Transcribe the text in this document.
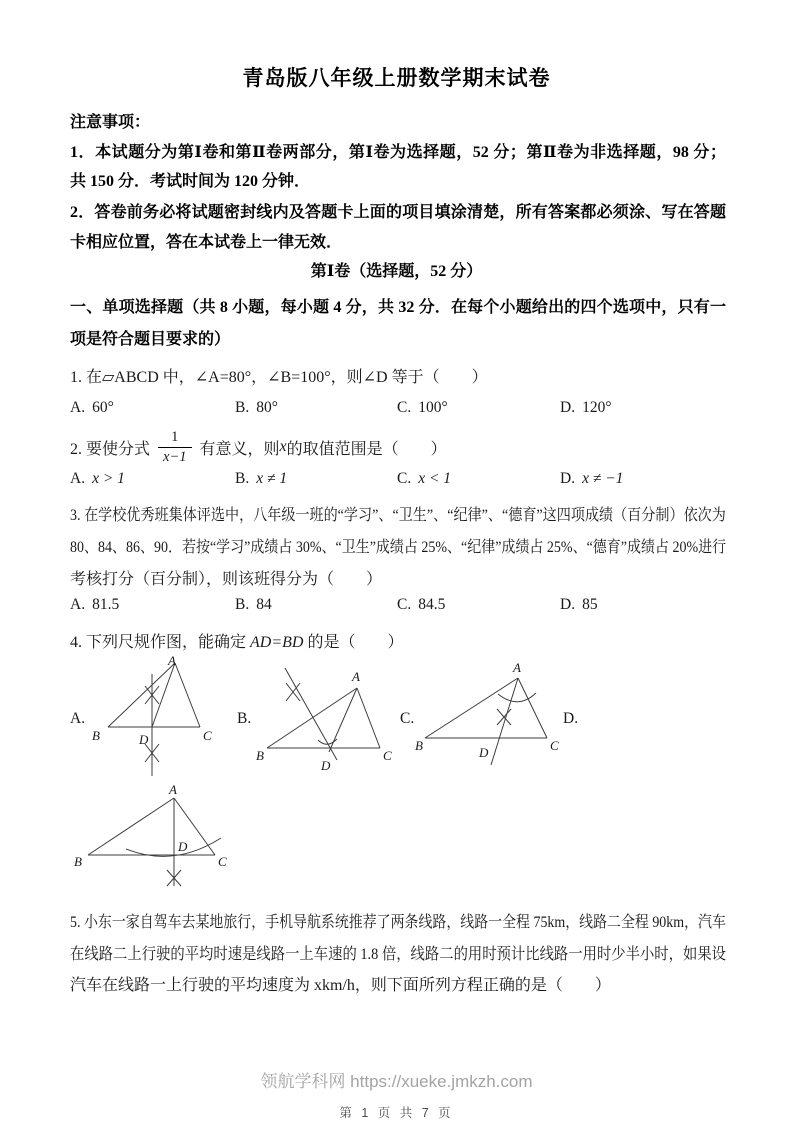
青岛版八年级上册数学期末试卷
注意事项：
1．本试题分为第Ⅰ卷和第Ⅱ卷两部分，第Ⅰ卷为选择题，52 分；第Ⅱ卷为非选择题，98 分；
共 150 分．考试时间为 120 分钟．
2．答卷前务必将试题密封线内及答题卡上面的项目填涂清楚，所有答案都必须涂、写在答题
卡相应位置，答在本试卷上一律无效．
第Ⅰ卷（选择题，52 分）
一、单项选择题（共 8 小题，每小题 4 分，共 32 分．在每个小题给出的四个选项中，只有一
项是符合题目要求的）
1. 在▱ABCD 中，∠A=80°，∠B=100°，则∠D 等于（　　）
A. 60°	B. 80°	C. 100°	D. 120°
2. 要使分式 $\frac{1}{x-1}$ 有意义，则 x 的取值范围是（　　）
A. x > 1	B. x ≠ 1	C. x < 1	D. x ≠ −1
3. 在学校优秀班集体评选中，八年级一班的“学习”、“卫生”、“纪律”、“德育”这四项成绩（百分制）依次为
80、84、86、90．若按“学习”成绩占 30%、“卫生”成绩占 25%、“纪律”成绩占 25%、“德育”成绩占 20%进行
考核打分（百分制），则该班得分为（　　）
A. 81.5	B. 84	C. 84.5	D. 85
4. 下列尺规作图，能确定 AD=BD 的是（　　）
A.	B.	C.	D.
A
B	C
D
A
B	C
D
A
B	C
D
A
B	C
D
5. 小东一家自驾车去某地旅行，手机导航系统推荐了两条线路，线路一全程 75km，线路二全程 90km，汽车
在线路二上行驶的平均时速是线路一上车速的 1.8 倍，线路二的用时预计比线路一用时少半小时，如果设
汽车在线路一上行驶的平均速度为 xkm/h，则下面所列方程正确的是（　　）
领航学科网 https://xueke.jmkzh.com
第 1 页 共 7 页
